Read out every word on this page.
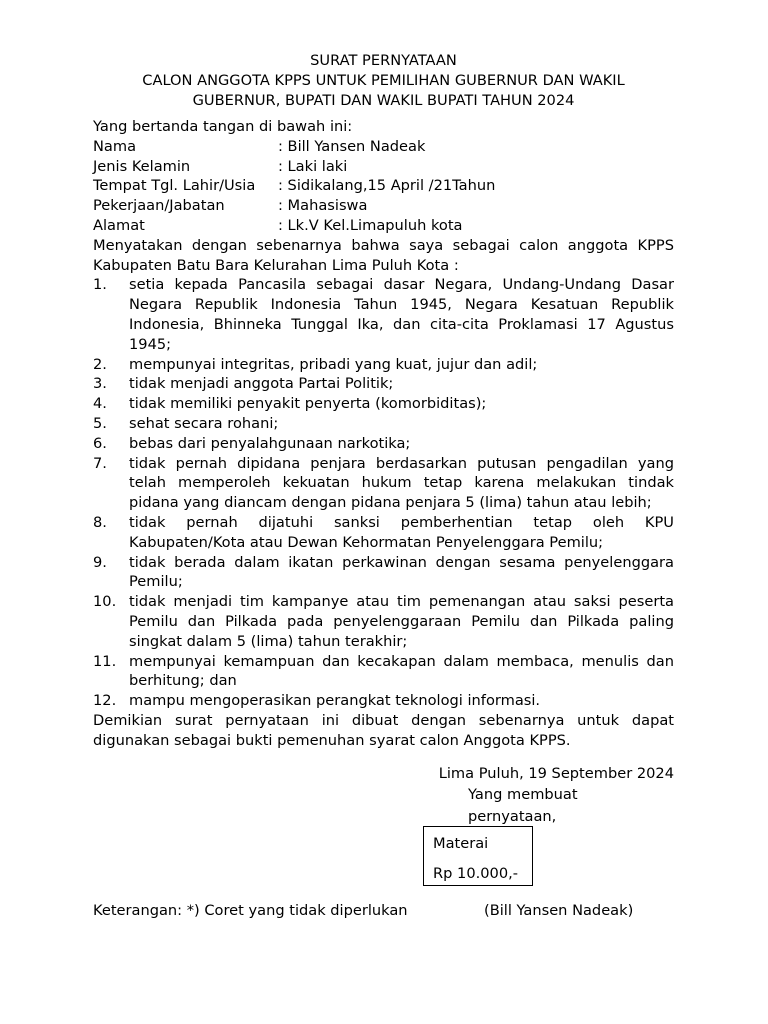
SURAT PERNYATAAN
CALON ANGGOTA KPPS UNTUK PEMILIHAN GUBERNUR DAN WAKIL
GUBERNUR, BUPATI DAN WAKIL BUPATI TAHUN 2024
Yang bertanda tangan di bawah ini:
Nama	: Bill Yansen Nadeak
Jenis Kelamin	: Laki laki
Tempat Tgl. Lahir/Usia	: Sidikalang,15 April /21Tahun
Pekerjaan/Jabatan	: Mahasiswa
Alamat	: Lk.V Kel.Limapuluh kota
Menyatakan dengan sebenarnya bahwa saya sebagai calon anggota KPPS Kabupaten Batu Bara Kelurahan Lima Puluh Kota :
1.	setia kepada Pancasila sebagai dasar Negara, Undang-Undang Dasar Negara Republik Indonesia Tahun 1945, Negara Kesatuan Republik Indonesia, Bhinneka Tunggal Ika, dan cita-cita Proklamasi 17 Agustus 1945;
2.	mempunyai integritas, pribadi yang kuat, jujur dan adil;
3.	tidak menjadi anggota Partai Politik;
4.	tidak memiliki penyakit penyerta (komorbiditas);
5.	sehat secara rohani;
6.	bebas dari penyalahgunaan narkotika;
7.	tidak pernah dipidana penjara berdasarkan putusan pengadilan yang telah memperoleh kekuatan hukum tetap karena melakukan tindak pidana yang diancam dengan pidana penjara 5 (lima) tahun atau lebih;
8.	tidak pernah dijatuhi sanksi pemberhentian tetap oleh KPU Kabupaten/Kota atau Dewan Kehormatan Penyelenggara Pemilu;
9.	tidak berada dalam ikatan perkawinan dengan sesama penyelenggara Pemilu;
10. tidak menjadi tim kampanye atau tim pemenangan atau saksi peserta Pemilu dan Pilkada pada penyelenggaraan Pemilu dan Pilkada paling singkat dalam 5 (lima) tahun terakhir;
11. mempunyai kemampuan dan kecakapan dalam membaca, menulis dan berhitung; dan
12. mampu mengoperasikan perangkat teknologi informasi.
Demikian surat pernyataan ini dibuat dengan sebenarnya untuk dapat digunakan sebagai bukti pemenuhan syarat calon Anggota KPPS.
Lima Puluh, 19 September 2024
Yang membuat
pernyataan,
Materai
Rp 10.000,-
Keterangan: *) Coret yang tidak diperlukan	(Bill Yansen Nadeak)
